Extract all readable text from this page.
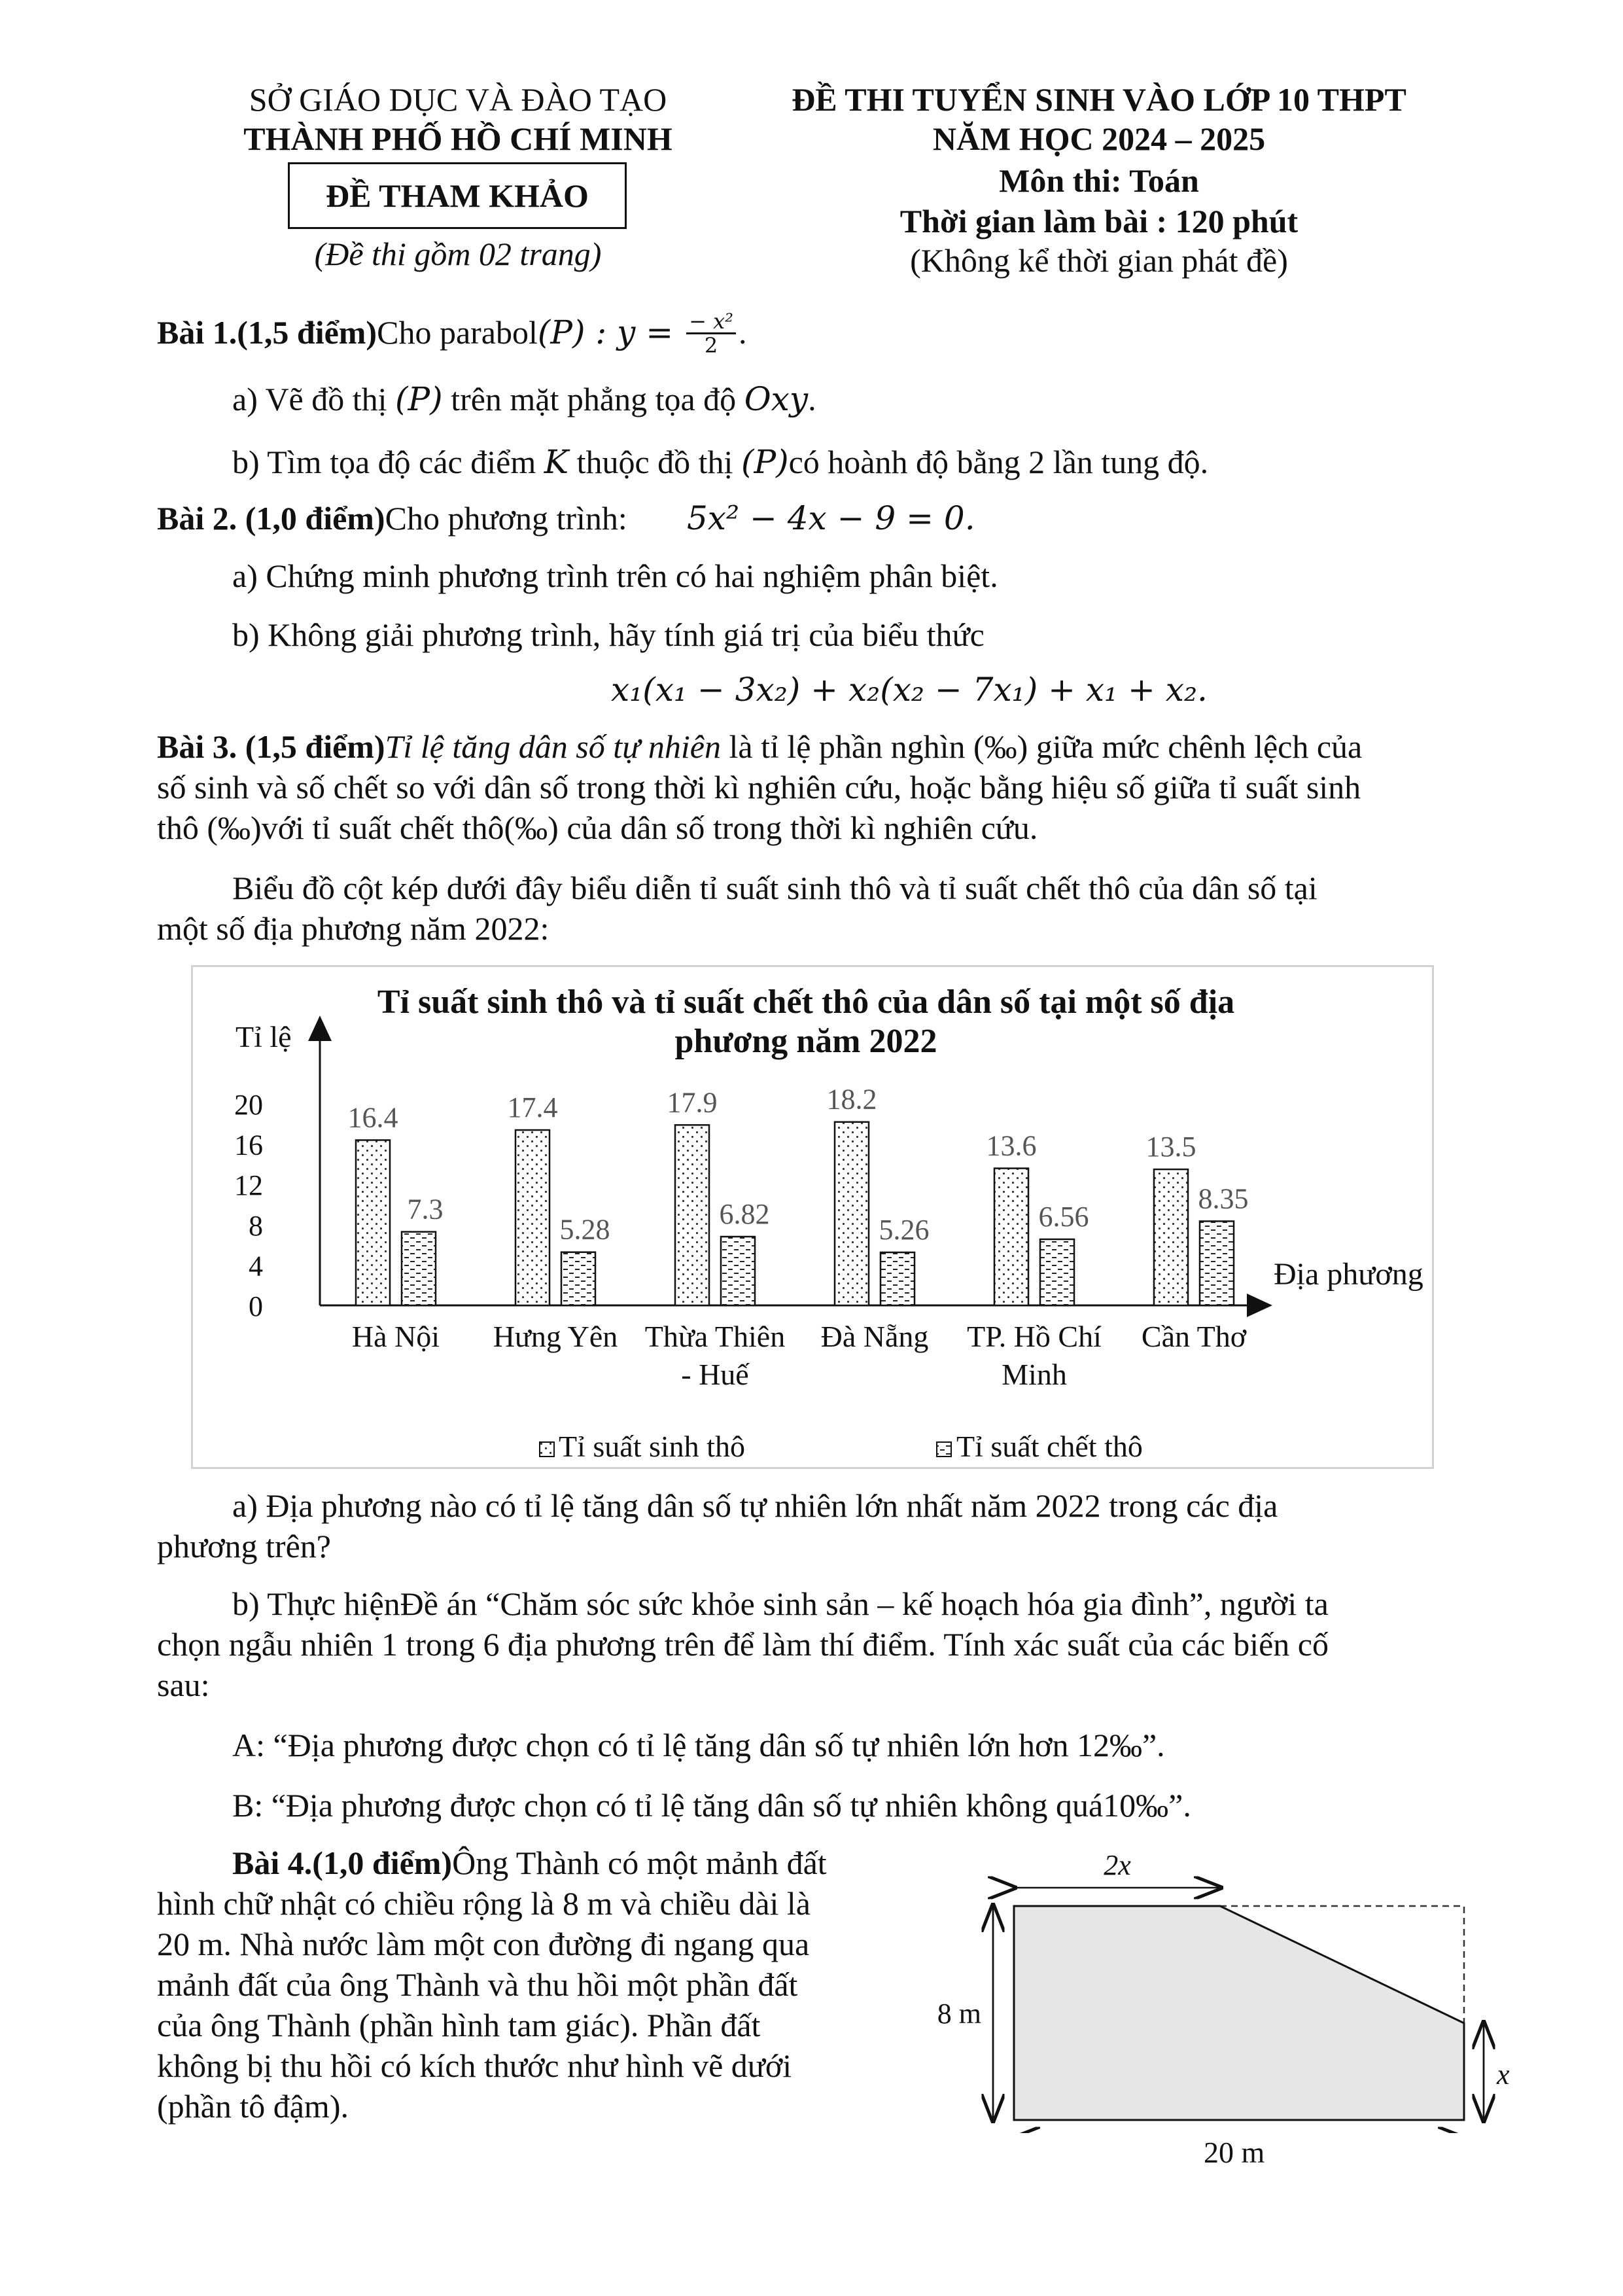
SỞ GIÁO DỤC VÀ ĐÀO TẠO
THÀNH PHỐ HỒ CHÍ MINH
ĐỀ THAM KHẢO
(Đề thi gồm 02 trang)
ĐỀ THI TUYỂN SINH VÀO LỚP 10 THPT
NĂM HỌC 2024 – 2025
Môn thi: Toán
Thời gian làm bài : 120 phút
(Không kể thời gian phát đề)
Bài 1.(1,5 điểm)Cho parabol(P) : $y = \frac{\text{− x²}}{2}$ .
a) Vẽ đồ thị (P) trên mặt phẳng tọa độ Oxy.
b) Tìm tọa độ các điểm K thuộc đồ thị (P)có hoành độ bằng 2 lần tung độ.
Bài 2. (1,0 điểm)Cho phương trình: 5x² − 4x − 9 = 0.
a) Chứng minh phương trình trên có hai nghiệm phân biệt.
b) Không giải phương trình, hãy tính giá trị của biểu thức
x₁(x₁ − 3x₂) + x₂(x₂ − 7x₁) + x₁ + x₂.
Bài 3. (1,5 điểm)Tỉ lệ tăng dân số tự nhiên là tỉ lệ phần nghìn (‰) giữa mức chênh lệch của
số sinh và số chết so với dân số trong thời kì nghiên cứu, hoặc bằng hiệu số giữa tỉ suất sinh
thô (‰)với tỉ suất chết thô(‰) của dân số trong thời kì nghiên cứu.
Biểu đồ cột kép dưới đây biểu diễn tỉ suất sinh thô và tỉ suất chết thô của dân số tại
một số địa phương năm 2022:
Tỉ suất sinh thô và tỉ suất chết thô của dân số tại một số địa
phương năm 2022
Tỉ lệ
Địa phương
0
4
8
12
16
20	16.4
7.3
Hà Nội
17.4
5.28
Hưng Yên
17.9
6.82
Thừa Thiên
- Huế
18.2
5.26
Đà Nẵng
13.6
6.56
TP. Hồ Chí
Minh
13.5
8.35
Cần Thơ
Tỉ suất sinh thô	Tỉ suất chết thô
a) Địa phương nào có tỉ lệ tăng dân số tự nhiên lớn nhất năm 2022 trong các địa
phương trên?
b) Thực hiệnĐề án “Chăm sóc sức khỏe sinh sản – kế hoạch hóa gia đình”, người ta
chọn ngẫu nhiên 1 trong 6 địa phương trên để làm thí điểm. Tính xác suất của các biến cố
sau:
A: “Địa phương được chọn có tỉ lệ tăng dân số tự nhiên lớn hơn 12‰”.
B: “Địa phương được chọn có tỉ lệ tăng dân số tự nhiên không quá10‰”.
Bài 4.(1,0 điểm)Ông Thành có một mảnh đất
hình chữ nhật có chiều rộng là 8 m và chiều dài là
20 m. Nhà nước làm một con đường đi ngang qua
mảnh đất của ông Thành và thu hồi một phần đất
của ông Thành (phần hình tam giác). Phần đất
không bị thu hồi có kích thước như hình vẽ dưới
(phần tô đậm).
2x
8 m
x
20 m
